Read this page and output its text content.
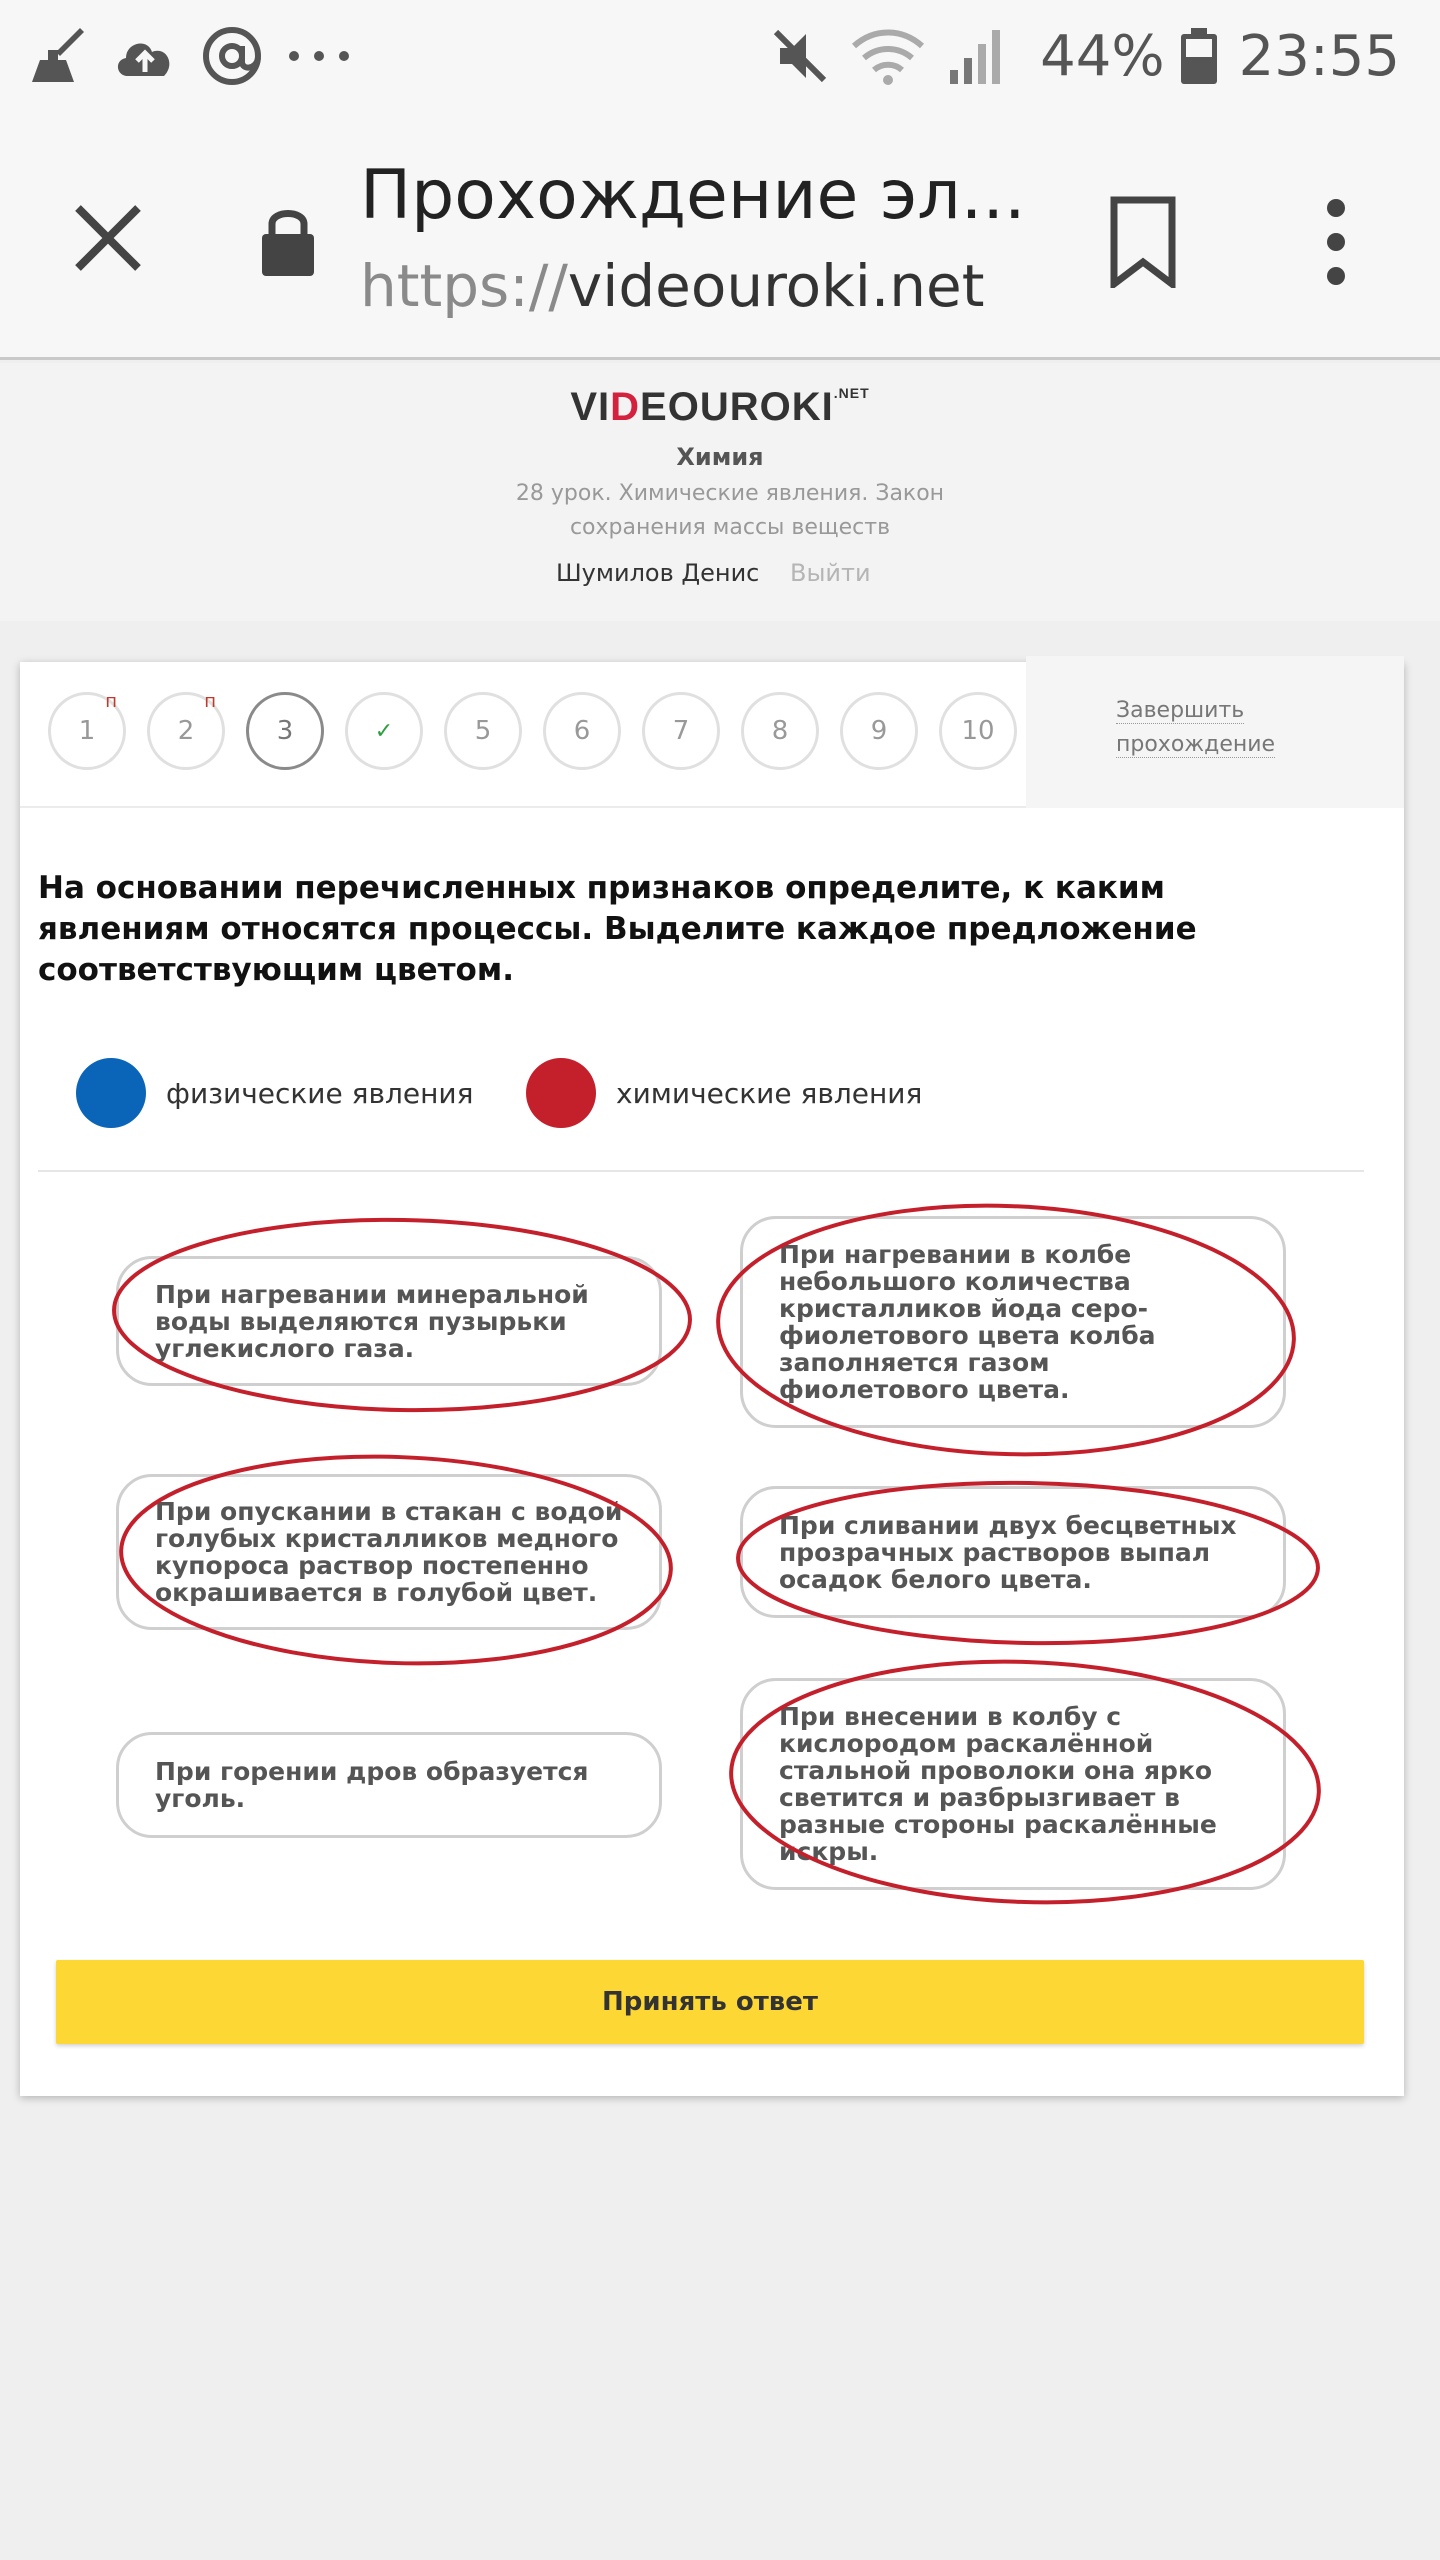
44% 23:55
Прохождение эл...
https://videouroki.net
$VIDEOUROKI^{.NET}$
Химия
28 урок. Химические явления. Закон сохранения массы веществ
Шумилов Денис Выйти
1
п
2
п
3	✓	5	6	7	8	9	10
Завершить прохождение
На основании перечисленных признаков определите, к каким явлениям относятся процессы. Выделите каждое предложение соответствующим цветом.
физические явления	химические явления
При нагревании минеральной воды выделяются пузырьки углекислого газа.
При нагревании в колбе небольшого количества кристалликов йода серо-фиолетового цвета колба заполняется газом фиолетового цвета.
При опускании в стакан с водой голубых кристалликов медного купороса раствор постепенно окрашивается в голубой цвет.
При сливании двух бесцветных прозрачных растворов выпал осадок белого цвета.
При горении дров образуется уголь.
При внесении в колбу с кислородом раскалённой стальной проволоки она ярко светится и разбрызгивает в разные стороны раскалённые искры.
Принять ответ
